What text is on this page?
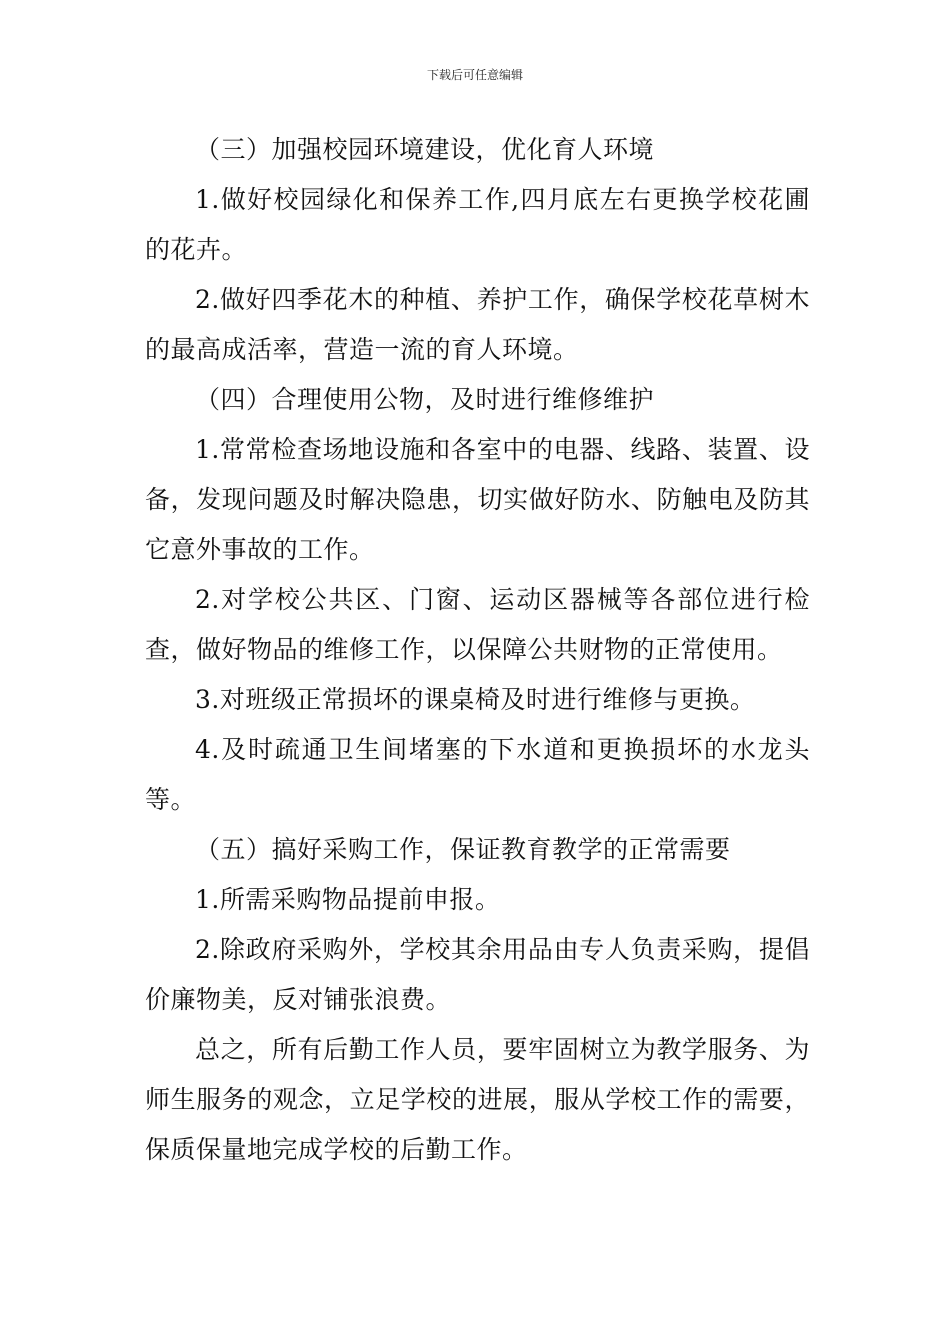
下载后可任意编辑

（三）加强校园环境建设，优化育人环境

1.做好校园绿化和保养工作,四月底左右更换学校花圃的花卉。

2.做好四季花木的种植、养护工作，确保学校花草树木的最高成活率，营造一流的育人环境。

（四）合理使用公物，及时进行维修维护

1.常常检查场地设施和各室中的电器、线路、装置、设备，发现问题及时解决隐患，切实做好防水、防触电及防其它意外事故的工作。

2.对学校公共区、门窗、运动区器械等各部位进行检查，做好物品的维修工作，以保障公共财物的正常使用。

3.对班级正常损坏的课桌椅及时进行维修与更换。

4.及时疏通卫生间堵塞的下水道和更换损坏的水龙头等。

（五）搞好采购工作，保证教育教学的正常需要

1.所需采购物品提前申报。

2.除政府采购外，学校其余用品由专人负责采购，提倡价廉物美，反对铺张浪费。

总之，所有后勤工作人员，要牢固树立为教学服务、为师生服务的观念，立足学校的进展，服从学校工作的需要，保质保量地完成学校的后勤工作。
